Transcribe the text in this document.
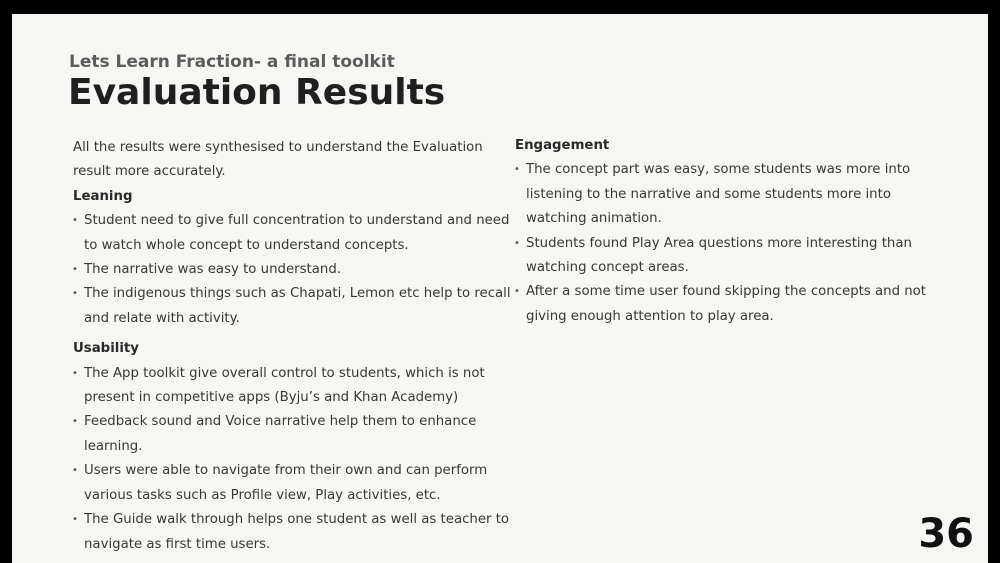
Lets Learn Fraction- a final toolkit
Evaluation Results

All the results were synthesised to understand the Evaluation result more accurately.

Leaning

• Student need to give full concentration to understand and need to watch whole concept to understand concepts.
• The narrative was easy to understand.
• The indigenous things such as Chapati, Lemon etc help to recall and relate with activity.

Usability

• The App toolkit give overall control to students, which is not present in competitive apps (Byju’s and Khan Academy)
• Feedback sound and Voice narrative help them to enhance learning.
• Users were able to navigate from their own and can perform various tasks such as Profile view, Play activities, etc.
• The Guide walk through helps one student as well as teacher to navigate as first time users.

Engagement

• The concept part was easy, some students was more into listening to the narrative and some students more into watching animation.
• Students found Play Area questions more interesting than watching concept areas.
• After a some time user found skipping the concepts and not giving enough attention to play area.
36
